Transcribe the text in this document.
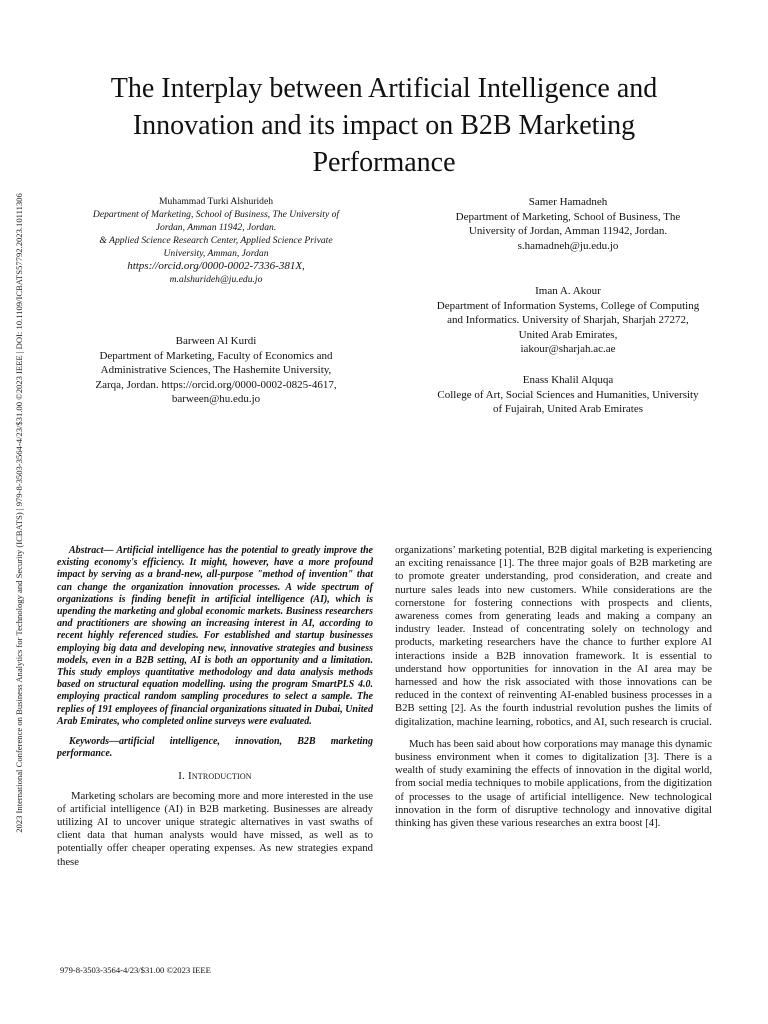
2023 International Conference on Business Analytics for Technology and Security (ICBATS) | 979-8-3503-3564-4/23/$31.00 ©2023 IEEE | DOI: 10.1109/ICBATS57792.2023.10111306
The Interplay between Artificial Intelligence and
Innovation and its impact on B2B Marketing
Performance
Muhammad Turki Alshurideh
Department of Marketing, School of Business, The University of
Jordan, Amman 11942, Jordan.
& Applied Science Research Center, Applied Science Private
University, Amman, Jordan
https://orcid.org/0000-0002-7336-381X,
m.alshurideh@ju.edu.jo
Samer Hamadneh
Department of Marketing, School of Business, The
University of Jordan, Amman 11942, Jordan.
s.hamadneh@ju.edu.jo
Barween Al Kurdi
Department of Marketing, Faculty of Economics and
Administrative Sciences, The Hashemite University,
Zarqa, Jordan. https://orcid.org/0000-0002-0825-4617,
barween@hu.edu.jo
Iman A. Akour
Department of Information Systems, College of Computing
and Informatics. University of Sharjah, Sharjah 27272,
United Arab Emirates,
iakour@sharjah.ac.ae
Enass Khalil Alquqa
College of Art, Social Sciences and Humanities, University
of Fujairah, United Arab Emirates

Abstract— Artificial intelligence has the potential to greatly improve the existing economy's efficiency. It might, however, have a more profound impact by serving as a brand-new, all-purpose "method of invention" that can change the organization innovation processes. A wide spectrum of organizations is finding benefit in artificial intelligence (AI), which is upending the marketing and global economic markets. Business researchers and practitioners are showing an increasing interest in AI, according to recent highly referenced studies. For established and startup businesses employing big data and developing new, innovative strategies and business models, even in a B2B setting, AI is both an opportunity and a limitation. This study employs quantitative methodology and data analysis methods based on structural equation modelling. using the program SmartPLS 4.0. employing practical random sampling procedures to select a sample. The replies of 191 employees of financial organizations situated in Dubai, United Arab Emirates, who completed online surveys were evaluated.

Keywords—artificial intelligence, innovation, B2B marketing performance.

I. Introduction

Marketing scholars are becoming more and more interested in the use of artificial intelligence (AI) in B2B marketing. Businesses are already utilizing AI to uncover unique strategic alternatives in vast swaths of client data that human analysts would have missed, as well as to potentially offer cheaper operating expenses. As new strategies expand these

organizations’ marketing potential, B2B digital marketing is experiencing an exciting renaissance [1]. The three major goals of B2B marketing are to promote greater understanding, prod consideration, and create and nurture sales leads into new customers. While considerations are the cornerstone for fostering connections with prospects and clients, awareness comes from generating leads and making a company an industry leader. Instead of concentrating solely on technology and products, marketing researchers have the chance to further explore AI interactions inside a B2B innovation framework. It is essential to understand how opportunities for innovation in the AI area may be harnessed and how the risk associated with those innovations can be reduced in the context of reinventing AI-enabled business processes in a B2B setting [2]. As the fourth industrial revolution pushes the limits of digitalization, machine learning, robotics, and AI, such research is crucial.

Much has been said about how corporations may manage this dynamic business environment when it comes to digitalization [3]. There is a wealth of study examining the effects of innovation in the digital world, from social media techniques to mobile applications, from the digitization of processes to the usage of artificial intelligence. New technological innovation in the form of disruptive technology and innovative digital thinking has given these various researches an extra boost [4].

979-8-3503-3564-4/23/$31.00 ©2023 IEEE
